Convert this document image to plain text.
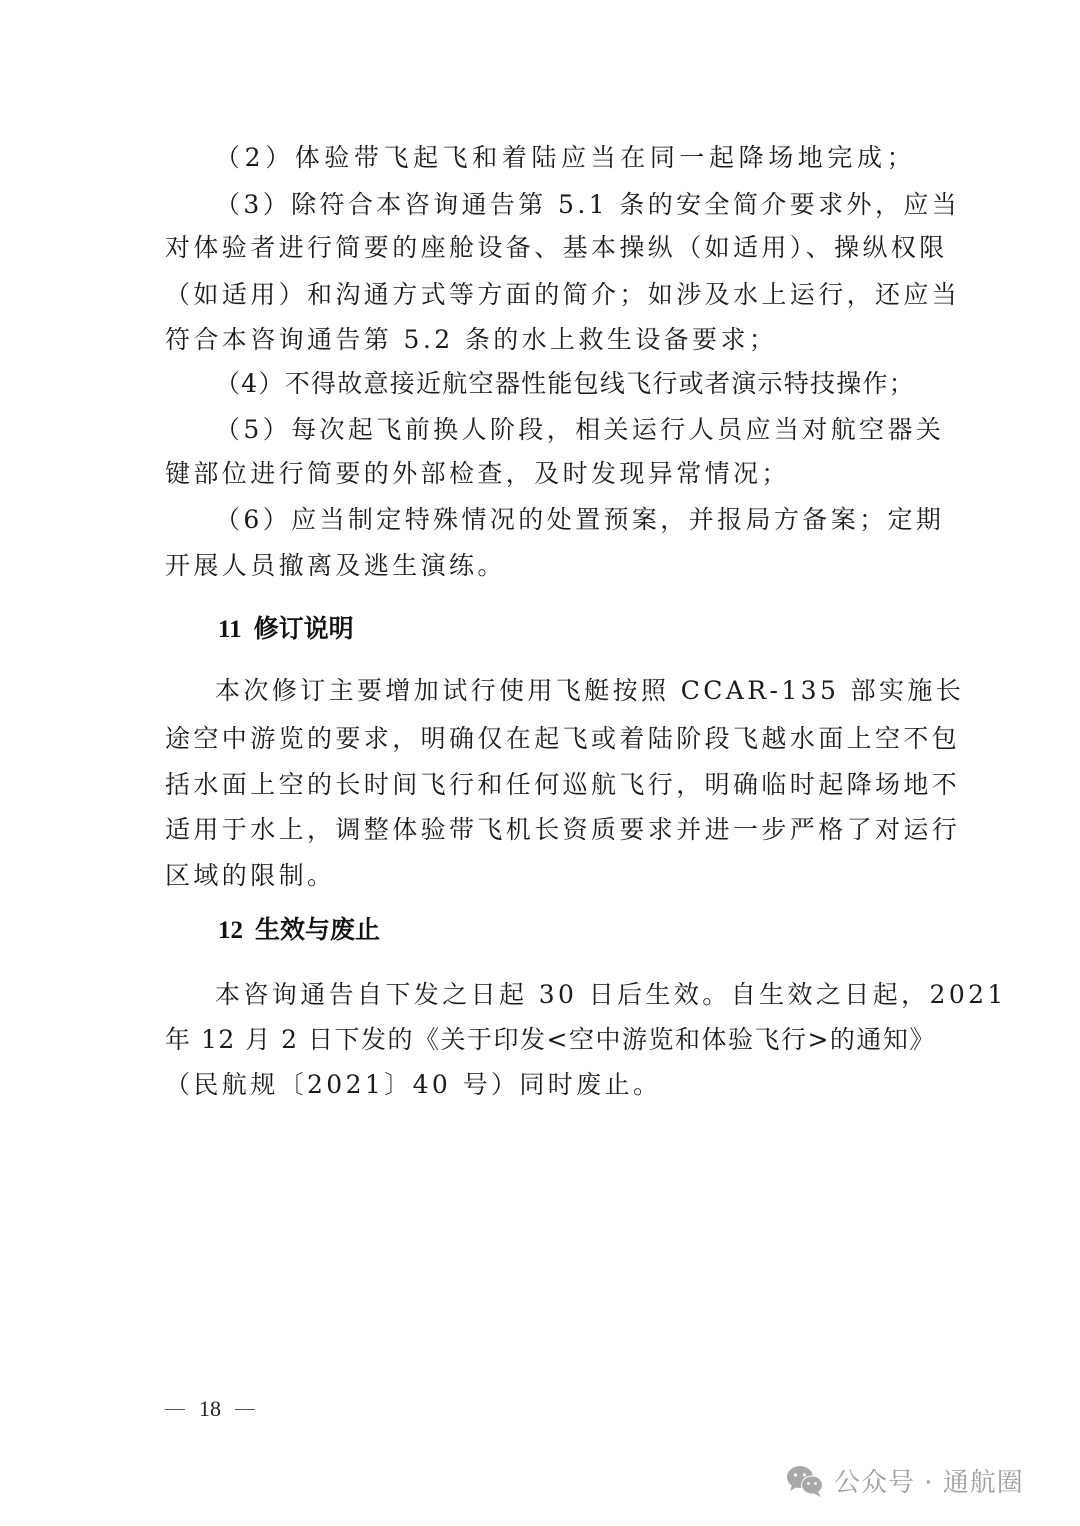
（2）体验带飞起飞和着陆应当在同一起降场地完成；
（3）除符合本咨询通告第 5.1 条的安全简介要求外，应当
对体验者进行简要的座舱设备、基本操纵（如适用）、操纵权限
（如适用）和沟通方式等方面的简介；如涉及水上运行，还应当
符合本咨询通告第 5.2 条的水上救生设备要求；
（4）不得故意接近航空器性能包线飞行或者演示特技操作；
（5）每次起飞前换人阶段，相关运行人员应当对航空器关
键部位进行简要的外部检查，及时发现异常情况；
（6）应当制定特殊情况的处置预案，并报局方备案；定期
开展人员撤离及逃生演练。
11 修订说明
本次修订主要增加试行使用飞艇按照 CCAR-135 部实施长
途空中游览的要求，明确仅在起飞或着陆阶段飞越水面上空不包
括水面上空的长时间飞行和任何巡航飞行，明确临时起降场地不
适用于水上，调整体验带飞机长资质要求并进一步严格了对运行
区域的限制。
12 生效与废止
本咨询通告自下发之日起 30 日后生效。自生效之日起，2021
年 12 月 2 日下发的《关于印发<空中游览和体验飞行>的通知》
（民航规〔2021〕40 号）同时废止。
18
公众号 · 通航圈
